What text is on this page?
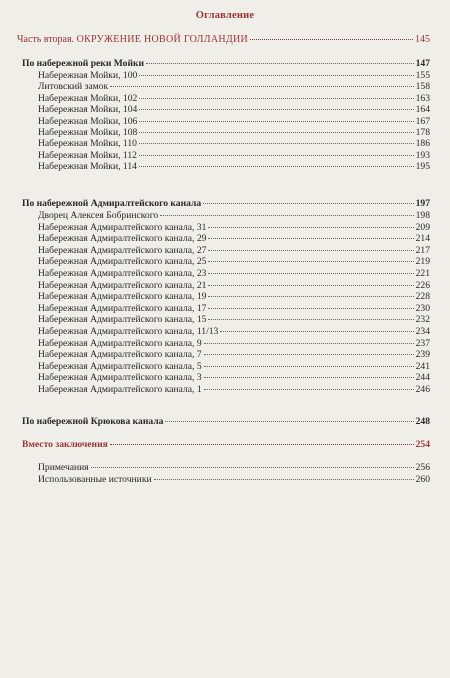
Оглавление
Часть вторая. ОКРУЖЕНИЕ НОВОЙ ГОЛЛАНДИИ	145
По набережной реки Мойки	147
Набережная Мойки, 100	155
Литовский замок	158
Набережная Мойки, 102	163
Набережная Мойки, 104	164
Набережная Мойки, 106	167
Набережная Мойки, 108	178
Набережная Мойки, 110	186
Набережная Мойки, 112	193
Набережная Мойки, 114	195
По набережной Адмиралтейского канала	197
Дворец Алексея Бобринского	198
Набережная Адмиралтейского канала, 31	209
Набережная Адмиралтейского канала, 29	214
Набережная Адмиралтейского канала, 27	217
Набережная Адмиралтейского канала, 25	219
Набережная Адмиралтейского канала, 23	221
Набережная Адмиралтейского канала, 21	226
Набережная Адмиралтейского канала, 19	228
Набережная Адмиралтейского канала, 17	230
Набережная Адмиралтейского канала, 15	232
Набережная Адмиралтейского канала, 11/13	234
Набережная Адмиралтейского канала, 9	237
Набережная Адмиралтейского канала, 7	239
Набережная Адмиралтейского канала, 5	241
Набережная Адмиралтейского канала, 3	244
Набережная Адмиралтейского канала, 1	246
По набережной Крюкова канала	248
Вместо заключения	254
Примечания	256
Использованные источники	260
